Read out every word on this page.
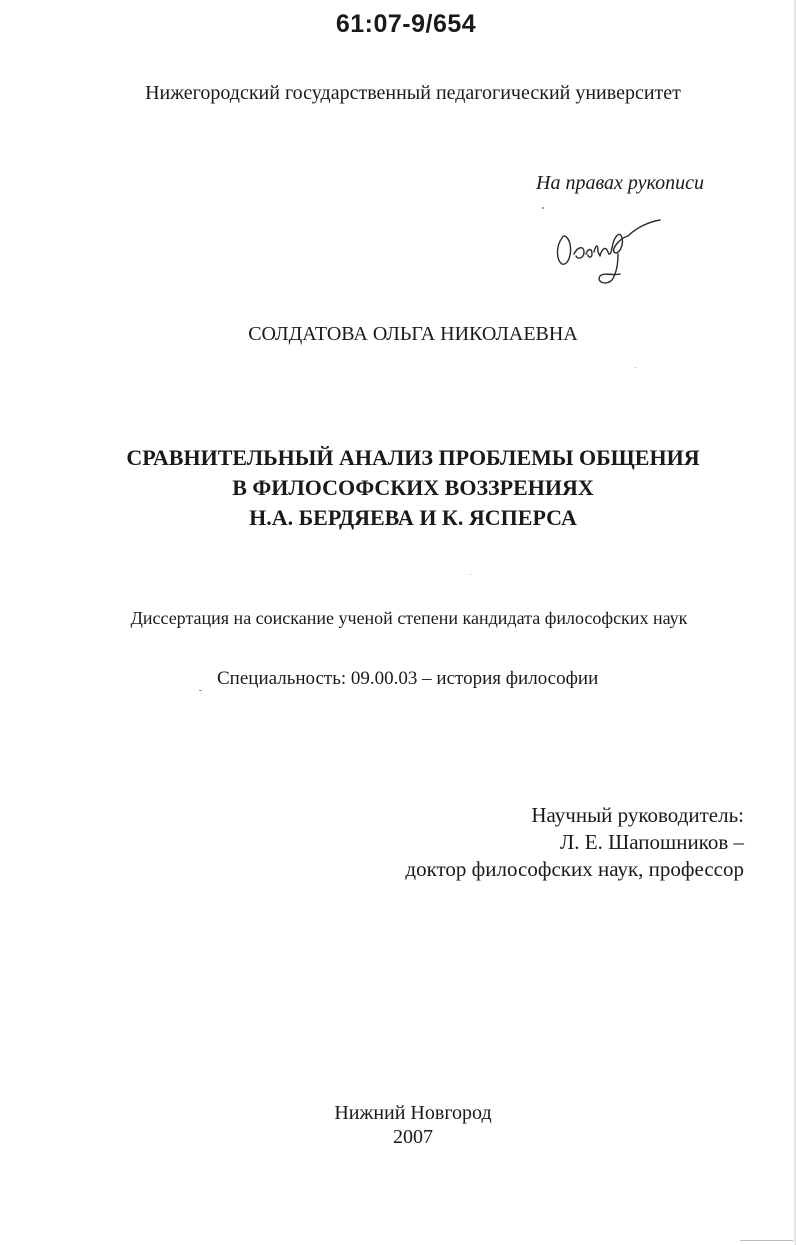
61:07-9/654
Нижегородский государственный педагогический университет
На правах рукописи
СОЛДАТОВА ОЛЬГА НИКОЛАЕВНА
СРАВНИТЕЛЬНЫЙ АНАЛИЗ ПРОБЛЕМЫ ОБЩЕНИЯ
В ФИЛОСОФСКИХ ВОЗЗРЕНИЯХ
Н.А. БЕРДЯЕВА И К. ЯСПЕРСА
Диссертация на соискание ученой степени кандидата философских наук
Специальность: 09.00.03 – история философии
Научный руководитель:
Л. Е. Шапошников –
доктор философских наук, профессор
Нижний Новгород
2007
